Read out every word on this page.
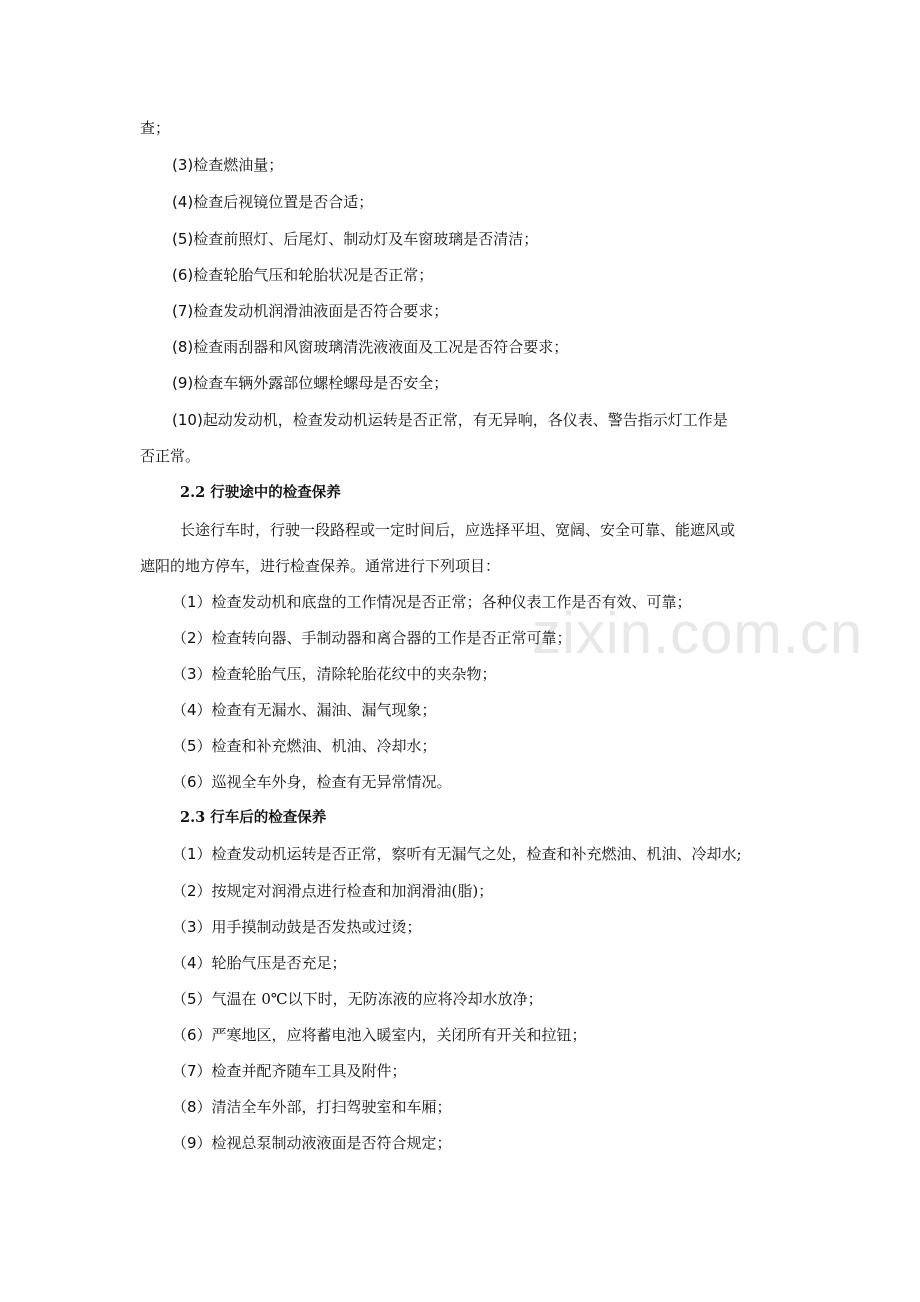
zixin.com.cn
查；
(3)检查燃油量；
(4)检查后视镜位置是否合适；
(5)检查前照灯、后尾灯、制动灯及车窗玻璃是否清洁；
(6)检查轮胎气压和轮胎状况是否正常；
(7)检查发动机润滑油液面是否符合要求；
(8)检查雨刮器和风窗玻璃清洗液液面及工况是否符合要求；
(9)检查车辆外露部位螺栓螺母是否安全；
(10)起动发动机，检查发动机运转是否正常，有无异响，各仪表、警告指示灯工作是
否正常。
2.2 行驶途中的检查保养
长途行车时，行驶一段路程或一定时间后，应选择平坦、宽阔、安全可靠、能遮风或
遮阳的地方停车，进行检查保养。通常进行下列项目：
（1）检查发动机和底盘的工作情况是否正常；各种仪表工作是否有效、可靠；
（2）检查转向器、手制动器和离合器的工作是否正常可靠；
（3）检查轮胎气压，清除轮胎花纹中的夹杂物；
（4）检查有无漏水、漏油、漏气现象；
（5）检查和补充燃油、机油、冷却水；
（6）巡视全车外身，检查有无异常情况。
2.3 行车后的检查保养
（1）检查发动机运转是否正常，察听有无漏气之处，检查和补充燃油、机油、冷却水;
（2）按规定对润滑点进行检查和加润滑油(脂)；
（3）用手摸制动鼓是否发热或过烫；
（4）轮胎气压是否充足；
（5）气温在 0℃以下时，无防冻液的应将冷却水放净；
（6）严寒地区，应将蓄电池入暖室内，关闭所有开关和拉钮；
（7）检查并配齐随车工具及附件；
（8）清洁全车外部，打扫驾驶室和车厢；
（9）检视总泵制动液液面是否符合规定；
